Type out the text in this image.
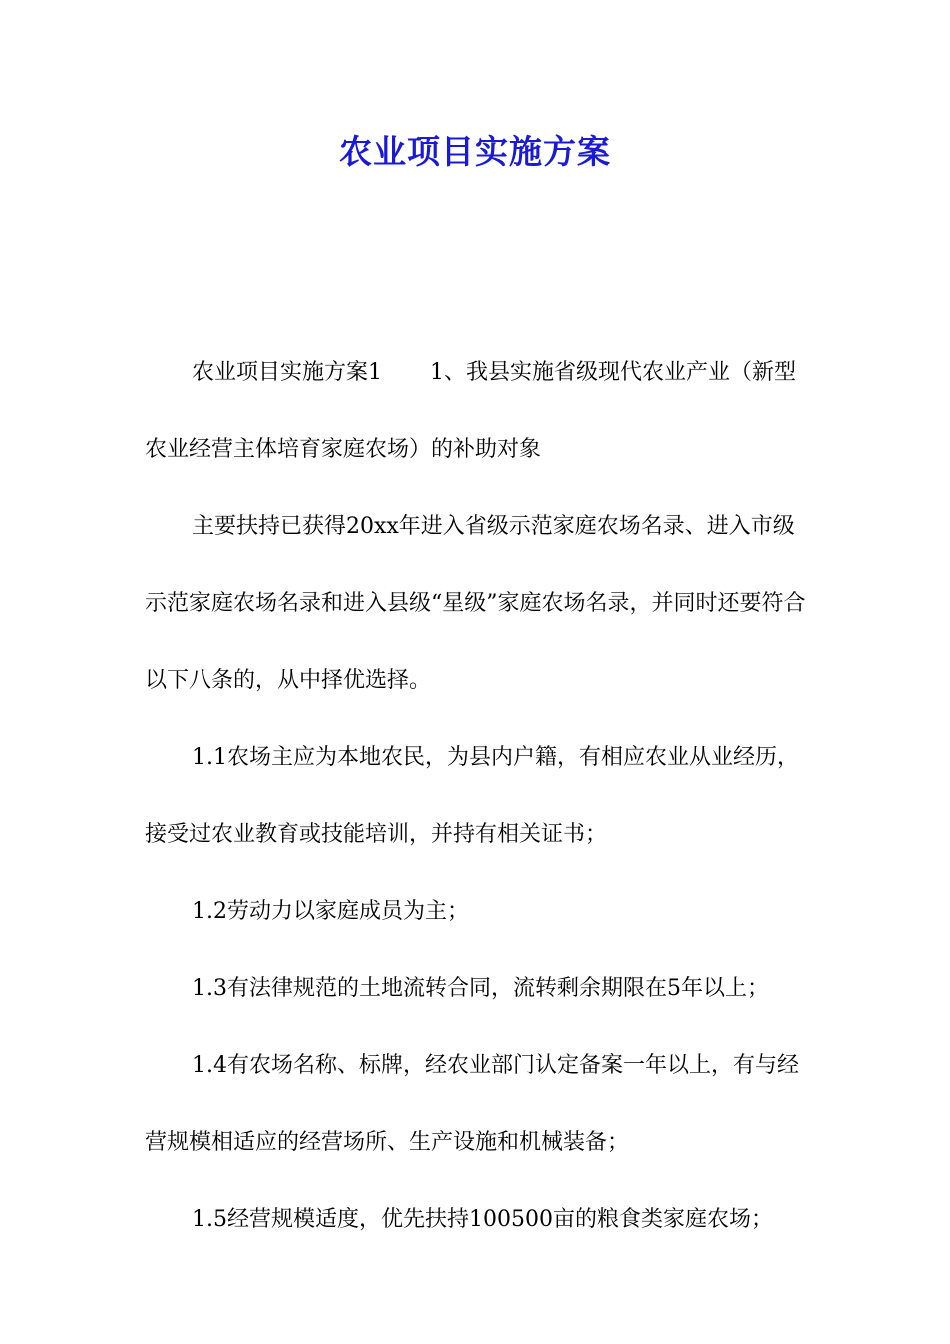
农业项目实施方案

农业项目实施方案1 1、我县实施省级现代农业产业（新型农业经营主体培育家庭农场）的补助对象

主要扶持已获得20xx年进入省级示范家庭农场名录、进入市级示范家庭农场名录和进入县级“星级”家庭农场名录，并同时还要符合以下八条的，从中择优选择。

1.1农场主应为本地农民，为县内户籍，有相应农业从业经历，接受过农业教育或技能培训，并持有相关证书；

1.2劳动力以家庭成员为主；

1.3有法律规范的土地流转合同，流转剩余期限在5年以上；

1.4有农场名称、标牌，经农业部门认定备案一年以上，有与经营规模相适应的经营场所、生产设施和机械装备；

1.5经营规模适度，优先扶持100500亩的粮食类家庭农场；
